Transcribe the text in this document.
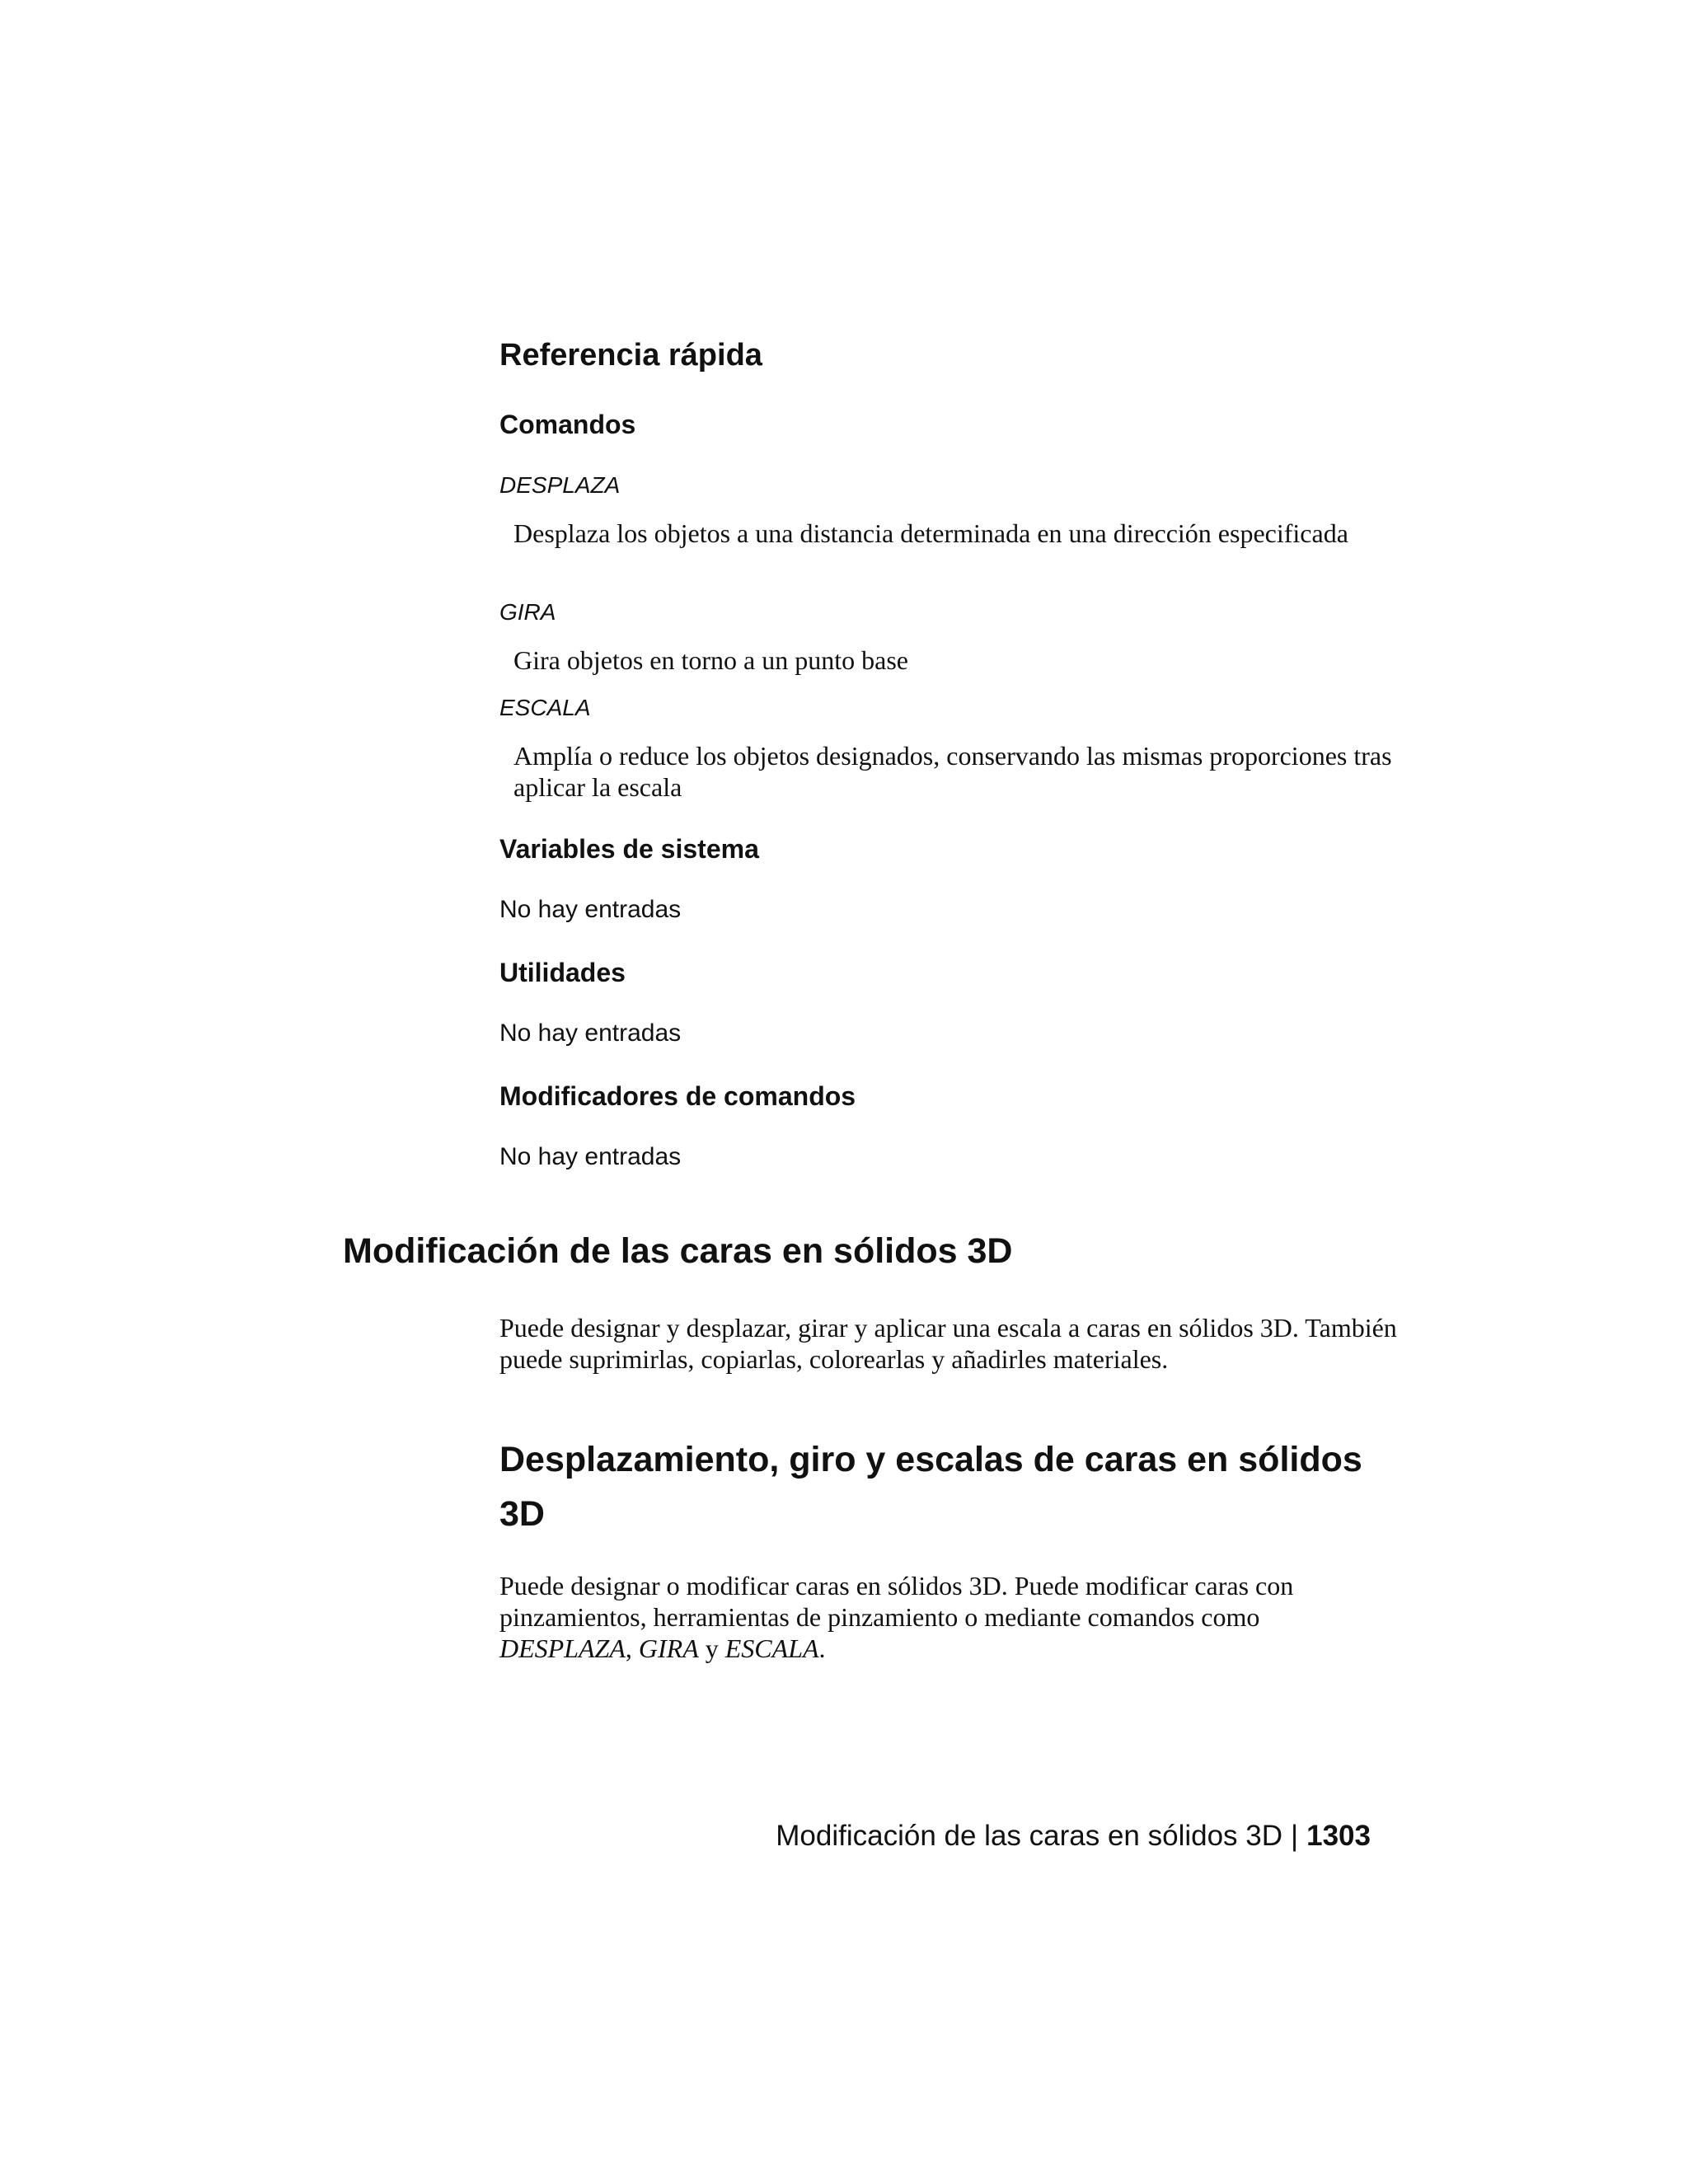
Referencia rápida
Comandos
DESPLAZA
Desplaza los objetos a una distancia determinada en una dirección especificada
GIRA
Gira objetos en torno a un punto base
ESCALA
Amplía o reduce los objetos designados, conservando las mismas proporciones tras aplicar la escala
Variables de sistema
No hay entradas
Utilidades
No hay entradas
Modificadores de comandos
No hay entradas
Modificación de las caras en sólidos 3D

Puede designar y desplazar, girar y aplicar una escala a caras en sólidos 3D. También puede suprimirlas, copiarlas, colorearlas y añadirles materiales.

Desplazamiento, giro y escalas de caras en sólidos 3D

Puede designar o modificar caras en sólidos 3D. Puede modificar caras con pinzamientos, herramientas de pinzamiento o mediante comandos como DESPLAZA, GIRA y ESCALA.

Modificación de las caras en sólidos 3D | 1303
